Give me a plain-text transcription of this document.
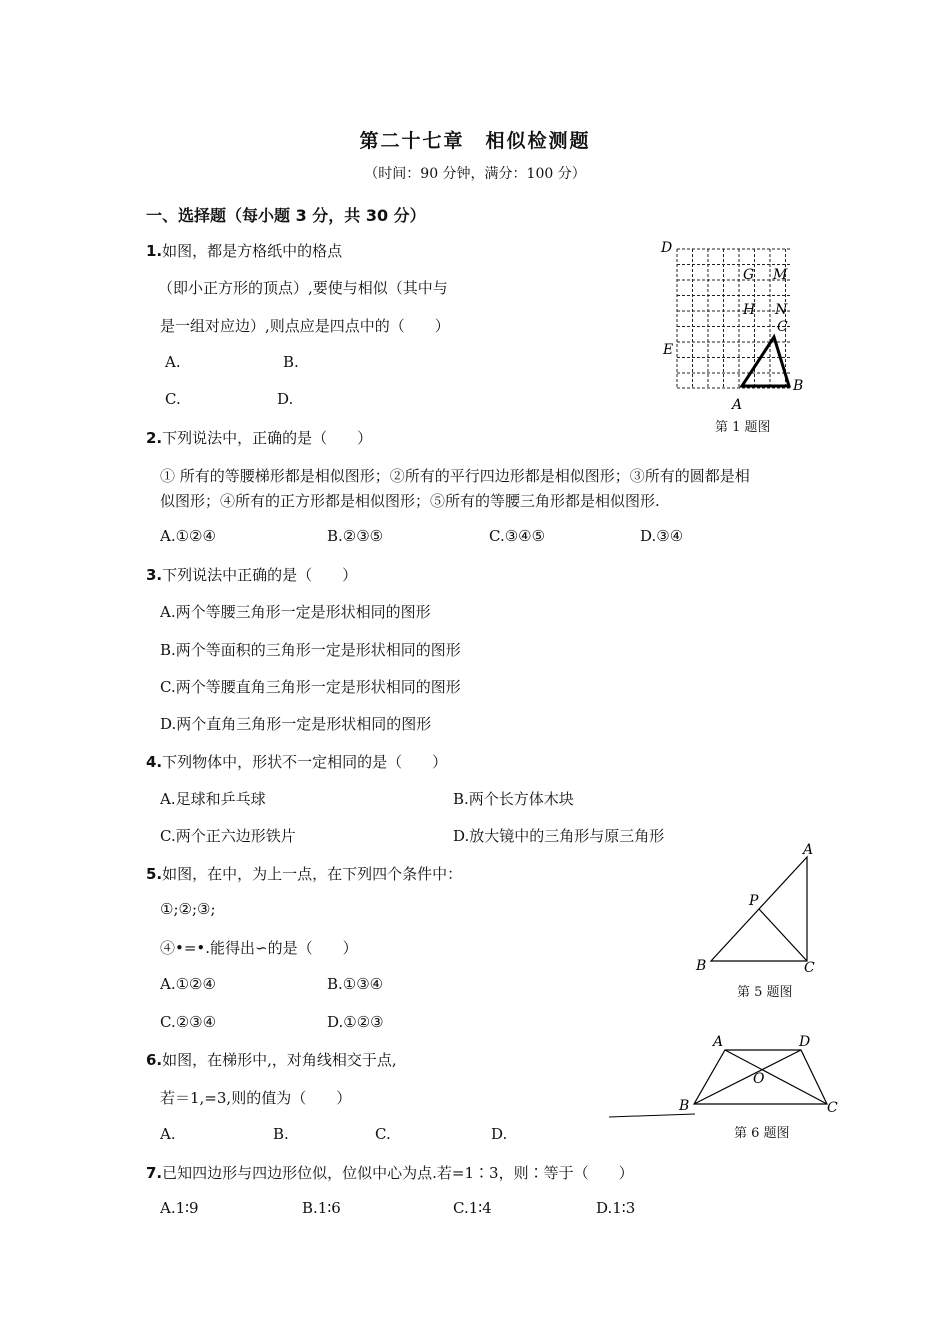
第二十七章　相似检测题
（时间：90 分钟，满分：100 分）
一、选择题（每小题 3 分，共 30 分）
1.如图，都是方格纸中的格点
（即小正方形的顶点）,要使与相似（其中与
是一组对应边）,则点应是四点中的（　　）
A.	B.
C.	D.
D
G M
H N
C
E
B
A
第 1 题图
2.下列说法中，正确的是（　　）
① 所有的等腰梯形都是相似图形；②所有的平行四边形都是相似图形；③所有的圆都是相
似图形；④所有的正方形都是相似图形；⑤所有的等腰三角形都是相似图形.
A.①②④	B.②③⑤	C.③④⑤	D.③④
3.下列说法中正确的是（　　）
A.两个等腰三角形一定是形状相同的图形
B.两个等面积的三角形一定是形状相同的图形
C.两个等腰直角三角形一定是形状相同的图形
D.两个直角三角形一定是形状相同的图形
4.下列物体中，形状不一定相同的是（　　）
A.足球和乒乓球	B.两个长方体木块
C.两个正六边形铁片	D.放大镜中的三角形与原三角形
5.如图，在中，为上一点，在下列四个条件中：
①;②;③;
④•=•.能得出∽的是（　　）
A.①②④	B.①③④
C.②③④	D.①②③
A
P
B	C
第 5 题图
6.如图，在梯形中,，对角线相交于点,
若＝1,=3,则的值为（　　）
A.	B.	C.	D.
A	D
O
B	C
第 6 题图
7.已知四边形与四边形位似，位似中心为点.若=1∶3，则∶等于（　　）
A.1∶9	B.1∶6	C.1∶4	D.1∶3
